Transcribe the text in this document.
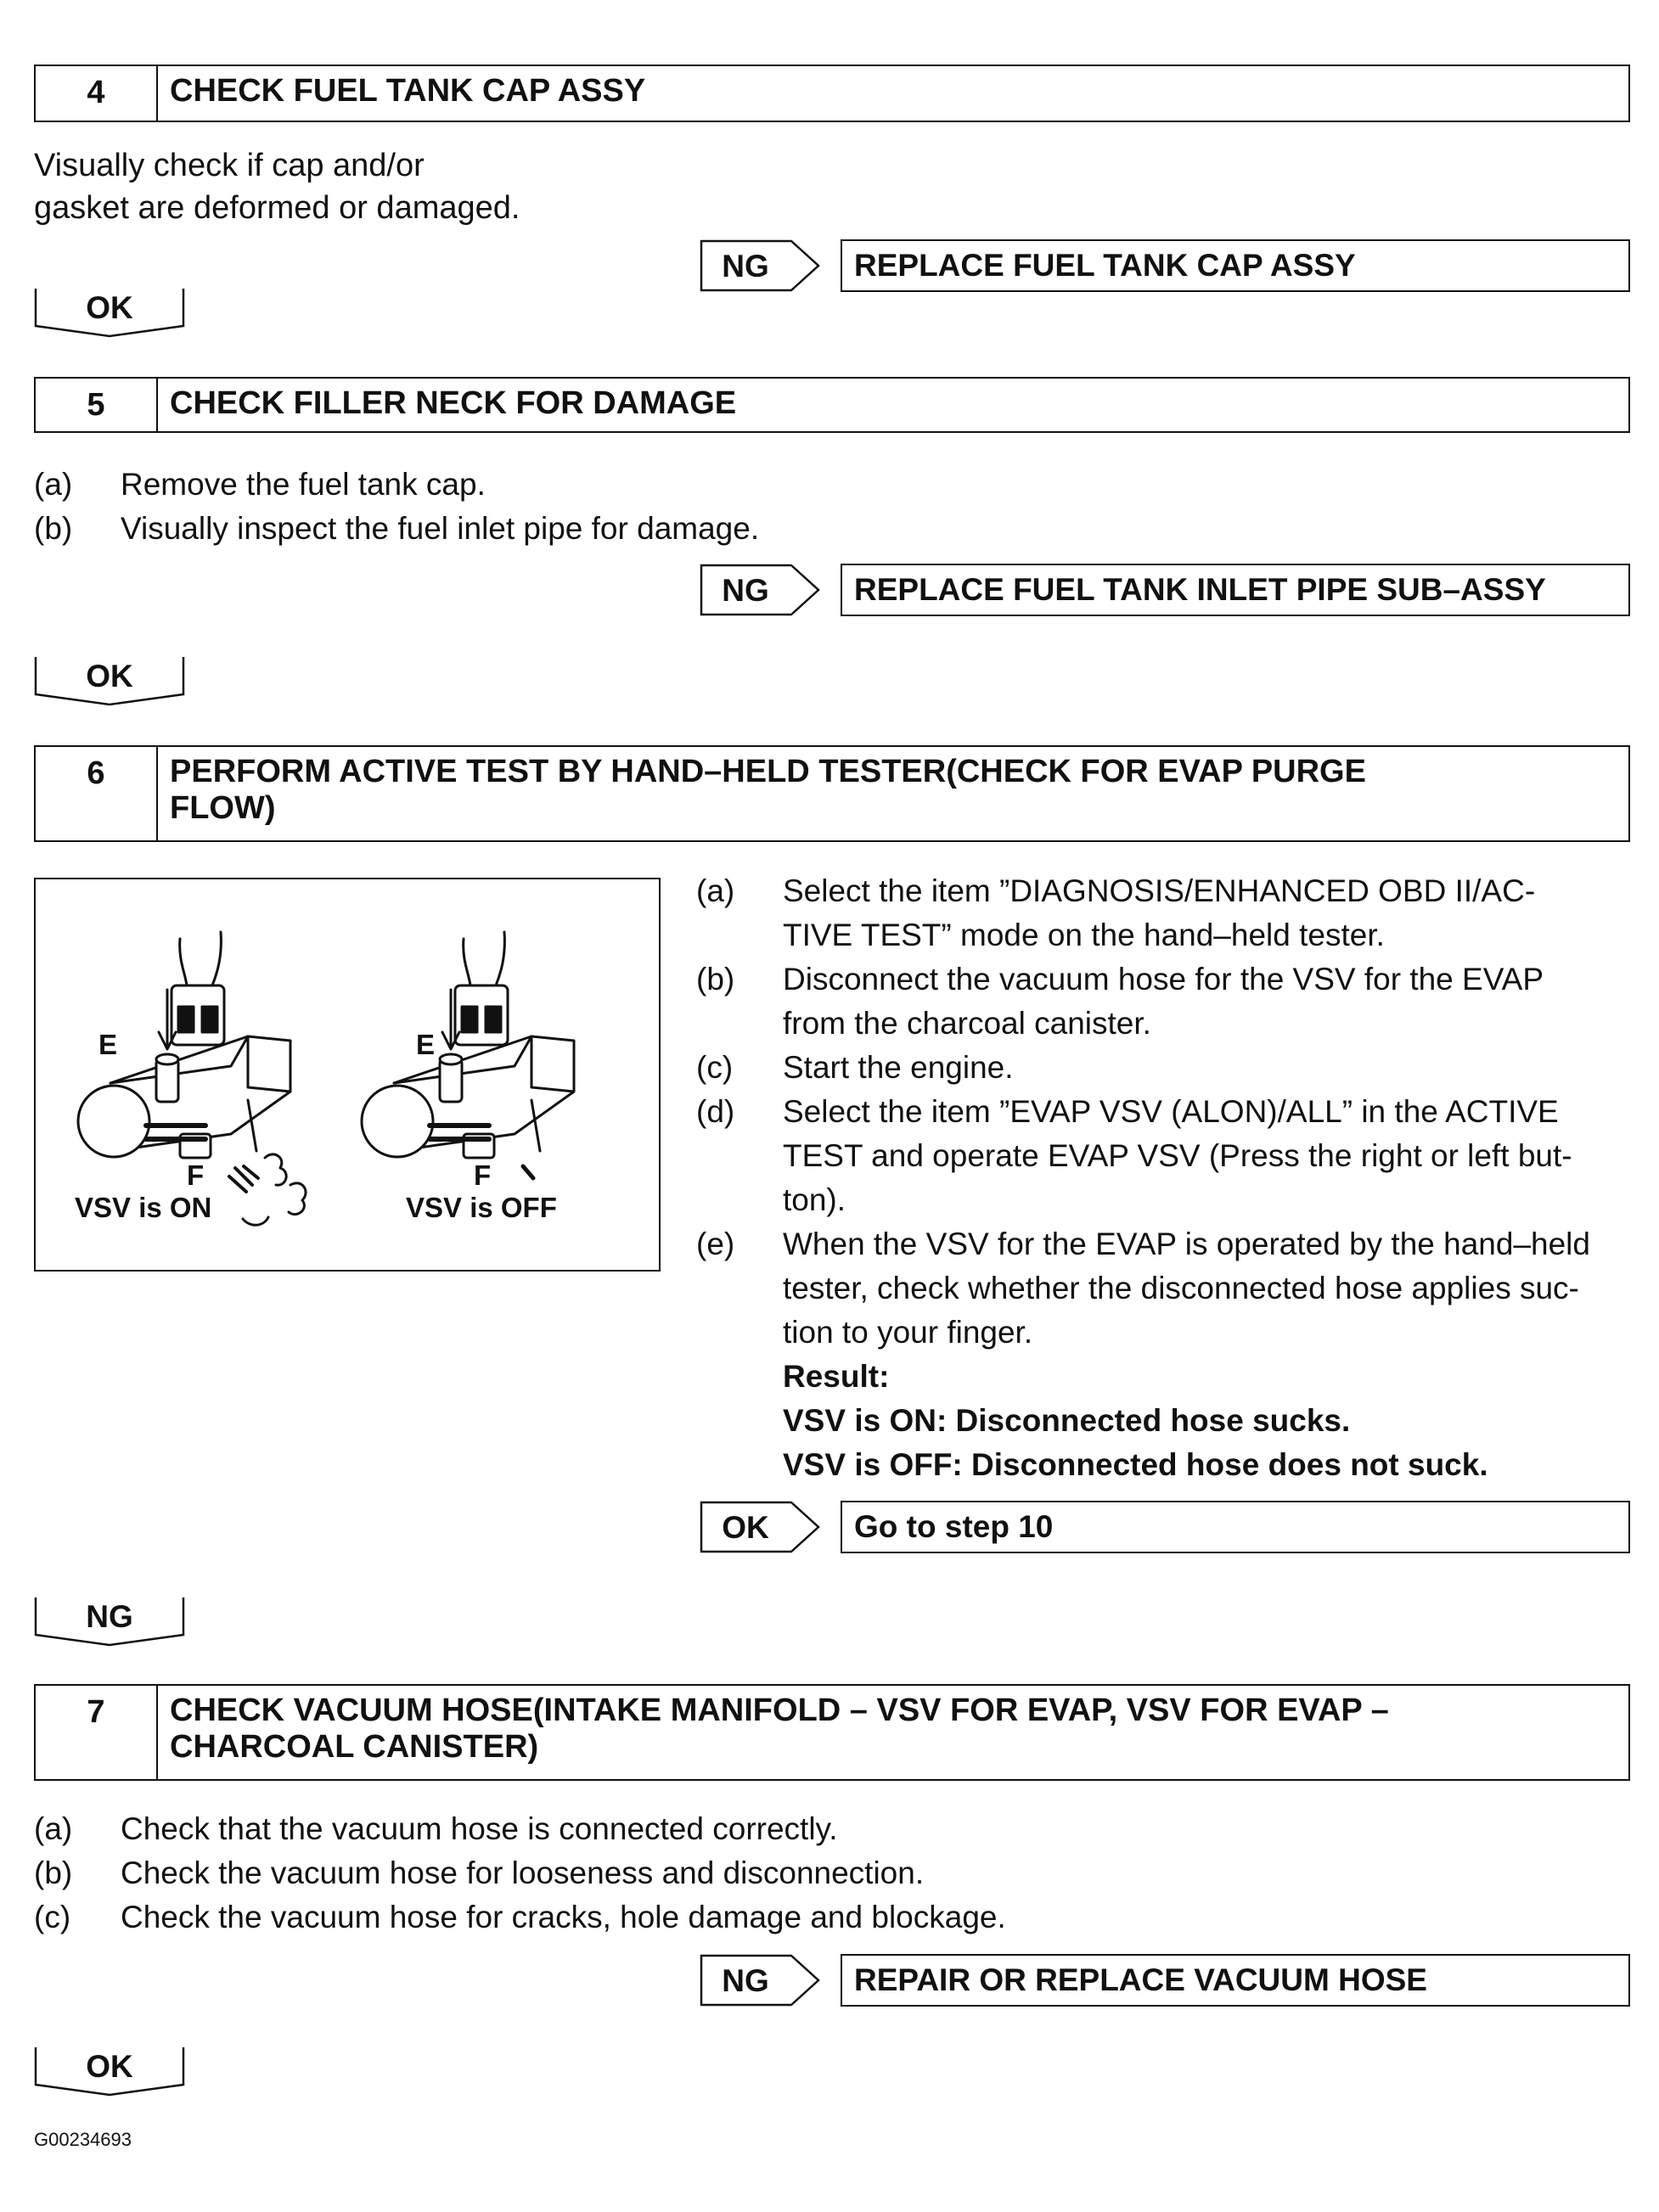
4	CHECK FUEL TANK CAP ASSY
Visually check if cap and/or
gasket are deformed or damaged.
NG	REPLACE FUEL TANK CAP ASSY
OK
5	CHECK FILLER NECK FOR DAMAGE
(a) Remove the fuel tank cap.
(b) Visually inspect the fuel inlet pipe for damage.
NG	REPLACE FUEL TANK INLET PIPE SUB–ASSY
OK
6	PERFORM ACTIVE TEST BY HAND–HELD TESTER(CHECK FOR EVAP PURGE
FLOW)
E
F
VSV is ON
E
F
VSV is OFF
(a) Select the item ”DIAGNOSIS/ENHANCED OBD II/AC-
TIVE TEST” mode on the hand–held tester.
(b) Disconnect the vacuum hose for the VSV for the EVAP
from the charcoal canister.
(c) Start the engine.
(d) Select the item ”EVAP VSV (ALON)/ALL” in the ACTIVE
TEST and operate EVAP VSV (Press the right or left but-
ton).
(e) When the VSV for the EVAP is operated by the hand–held
tester, check whether the disconnected hose applies suc-
tion to your finger.
Result:
VSV is ON: Disconnected hose sucks.
VSV is OFF: Disconnected hose does not suck.
OK	Go to step 10
NG
7	CHECK VACUUM HOSE(INTAKE MANIFOLD – VSV FOR EVAP, VSV FOR EVAP –
CHARCOAL CANISTER)
(a) Check that the vacuum hose is connected correctly.
(b) Check the vacuum hose for looseness and disconnection.
(c) Check the vacuum hose for cracks, hole damage and blockage.
NG	REPAIR OR REPLACE VACUUM HOSE
OK
G00234693
